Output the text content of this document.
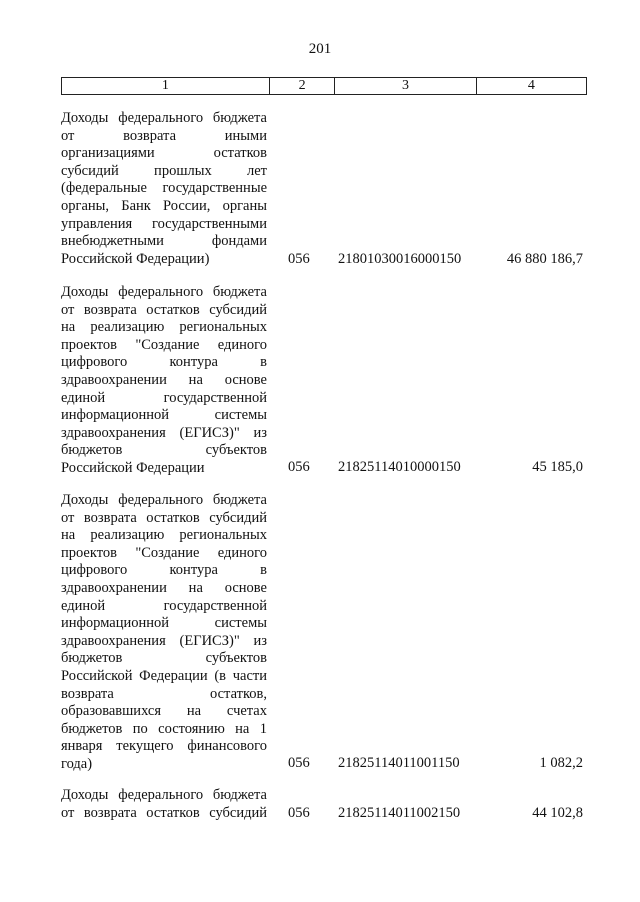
201
1	2	3	4
Доходы федерального бюджета
от возврата иными
организациями остатков
субсидий прошлых лет
(федеральные государственные
органы, Банк России, органы
управления государственными
внебюджетными фондами
Российской Федерации)	056	21801030016000150	46 880 186,7
Доходы федерального бюджета
от возврата остатков субсидий
на реализацию региональных
проектов "Создание единого
цифрового контура в
здравоохранении на основе
единой государственной
информационной системы
здравоохранения (ЕГИСЗ)" из
бюджетов субъектов
Российской Федерации	056	21825114010000150	45 185,0
Доходы федерального бюджета
от возврата остатков субсидий
на реализацию региональных
проектов "Создание единого
цифрового контура в
здравоохранении на основе
единой государственной
информационной системы
здравоохранения (ЕГИСЗ)" из
бюджетов субъектов
Российской Федерации (в части
возврата остатков,
образовавшихся на счетах
бюджетов по состоянию на 1
января текущего финансового
года)	056	21825114011001150	1 082,2
Доходы федерального бюджета
от возврата остатков субсидий 056	21825114011002150	44 102,8
